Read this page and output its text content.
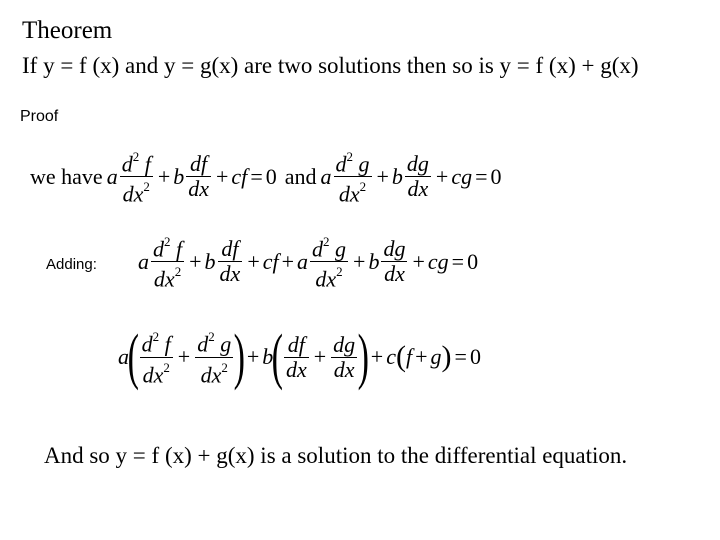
Theorem
If y = f (x) and y = g(x) are two solutions then so is y = f (x) + g(x)
Proof
we have a $\frac{d^2 f}{dx^2} + b \frac{df}{dx}$ + cf = 0 and a $\frac{d^2 g}{dx^2} + b \frac{dg}{dx}$ + cg = 0
Adding: a $\frac{d^2 f}{dx^2} + b \frac{df}{dx}$ + cf + a $\frac{d^2 g}{dx^2} + b \frac{dg}{dx}$ + cg = 0
a
( $\frac{d^2 f}{dx^2} + \frac{d^2 g}{dx^2}$ ) + b
( $\frac{df}{dx} + \frac{dg}{dx}$ ) + c ( f + g ) = 0
And so y = f (x) + g(x) is a solution to the differential equation.
